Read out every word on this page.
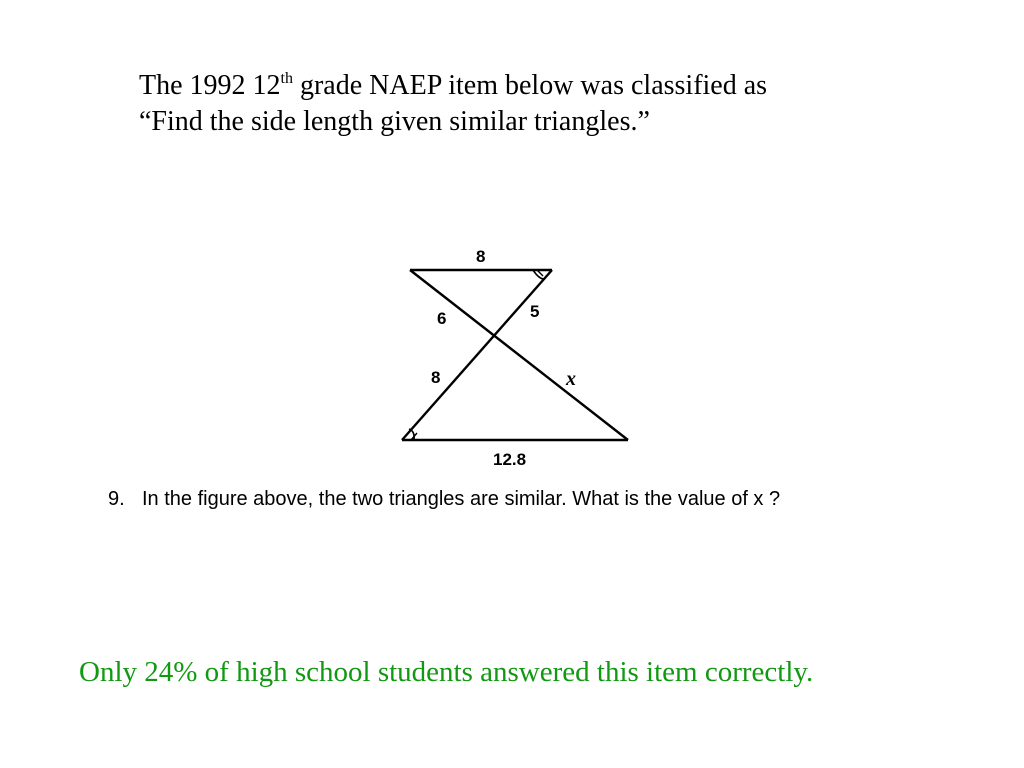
The 1992 12th grade NAEP item below was classified as
“Find the side length given similar triangles.”
8
6	5
8	x
12.8
9. In the figure above, the two triangles are similar. What is the value of x ?
Only 24% of high school students answered this item correctly.
